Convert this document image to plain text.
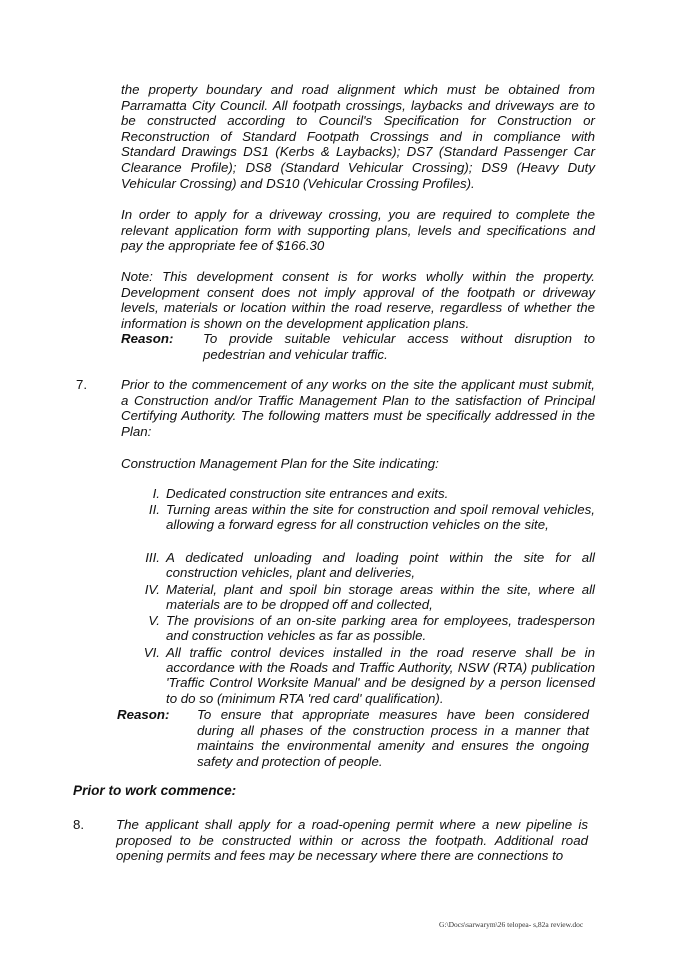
the property boundary and road alignment which must be obtained from Parramatta City Council. All footpath crossings, laybacks and driveways are to be constructed according to Council's Specification for Construction or Reconstruction of Standard Footpath Crossings and in compliance with Standard Drawings DS1 (Kerbs & Laybacks); DS7 (Standard Passenger Car Clearance Profile); DS8 (Standard Vehicular Crossing); DS9 (Heavy Duty Vehicular Crossing) and DS10 (Vehicular Crossing Profiles).
In order to apply for a driveway crossing, you are required to complete the relevant application form with supporting plans, levels and specifications and pay the appropriate fee of $166.30
Note: This development consent is for works wholly within the property. Development consent does not imply approval of the footpath or driveway levels, materials or location within the road reserve, regardless of whether the information is shown on the development application plans.
Reason: To provide suitable vehicular access without disruption to pedestrian and vehicular traffic.
7.	Prior to the commencement of any works on the site the applicant must submit, a Construction and/or Traffic Management Plan to the satisfaction of Principal Certifying Authority. The following matters must be specifically addressed in the Plan:
Construction Management Plan for the Site indicating:
I. Dedicated construction site entrances and exits.
II. Turning areas within the site for construction and spoil removal vehicles, allowing a forward egress for all construction vehicles on the site,
III. A dedicated unloading and loading point within the site for all construction vehicles, plant and deliveries,
IV. Material, plant and spoil bin storage areas within the site, where all materials are to be dropped off and collected,
V. The provisions of an on-site parking area for employees, tradesperson and construction vehicles as far as possible.
VI. All traffic control devices installed in the road reserve shall be in accordance with the Roads and Traffic Authority, NSW (RTA) publication 'Traffic Control Worksite Manual' and be designed by a person licensed to do so (minimum RTA 'red card' qualification).
Reason: To ensure that appropriate measures have been considered during all phases of the construction process in a manner that maintains the environmental amenity and ensures the ongoing safety and protection of people.
Prior to work commence:
8. The applicant shall apply for a road-opening permit where a new pipeline is proposed to be constructed within or across the footpath. Additional road opening permits and fees may be necessary where there are connections to
G:\Docs\sarwarym\26 telopea- s,82a review.doc
